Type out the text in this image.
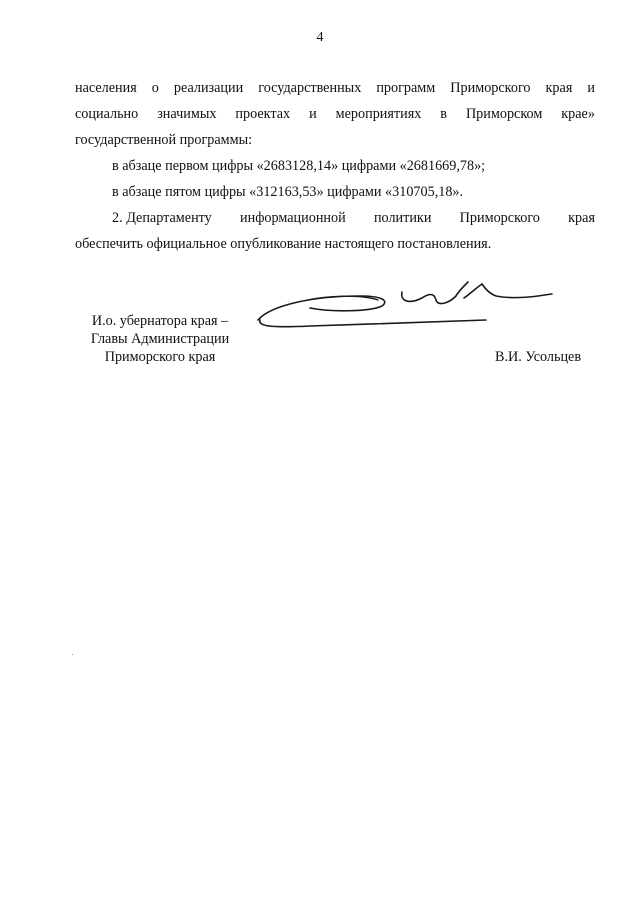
4
населения о реализации государственных программ Приморского края и
социально значимых проектах и мероприятиях в Приморском крае»
государственной программы:
в абзаце первом цифры «2683128,14» цифрами «2681669,78»;
в абзаце пятом цифры «312163,53» цифрами «310705,18».
2. Департаменту информационной политики Приморского края
обеспечить официальное опубликование настоящего постановления.
И.о. убернатора края –
Главы Администрации
Приморского края	В.И. Усольцев
